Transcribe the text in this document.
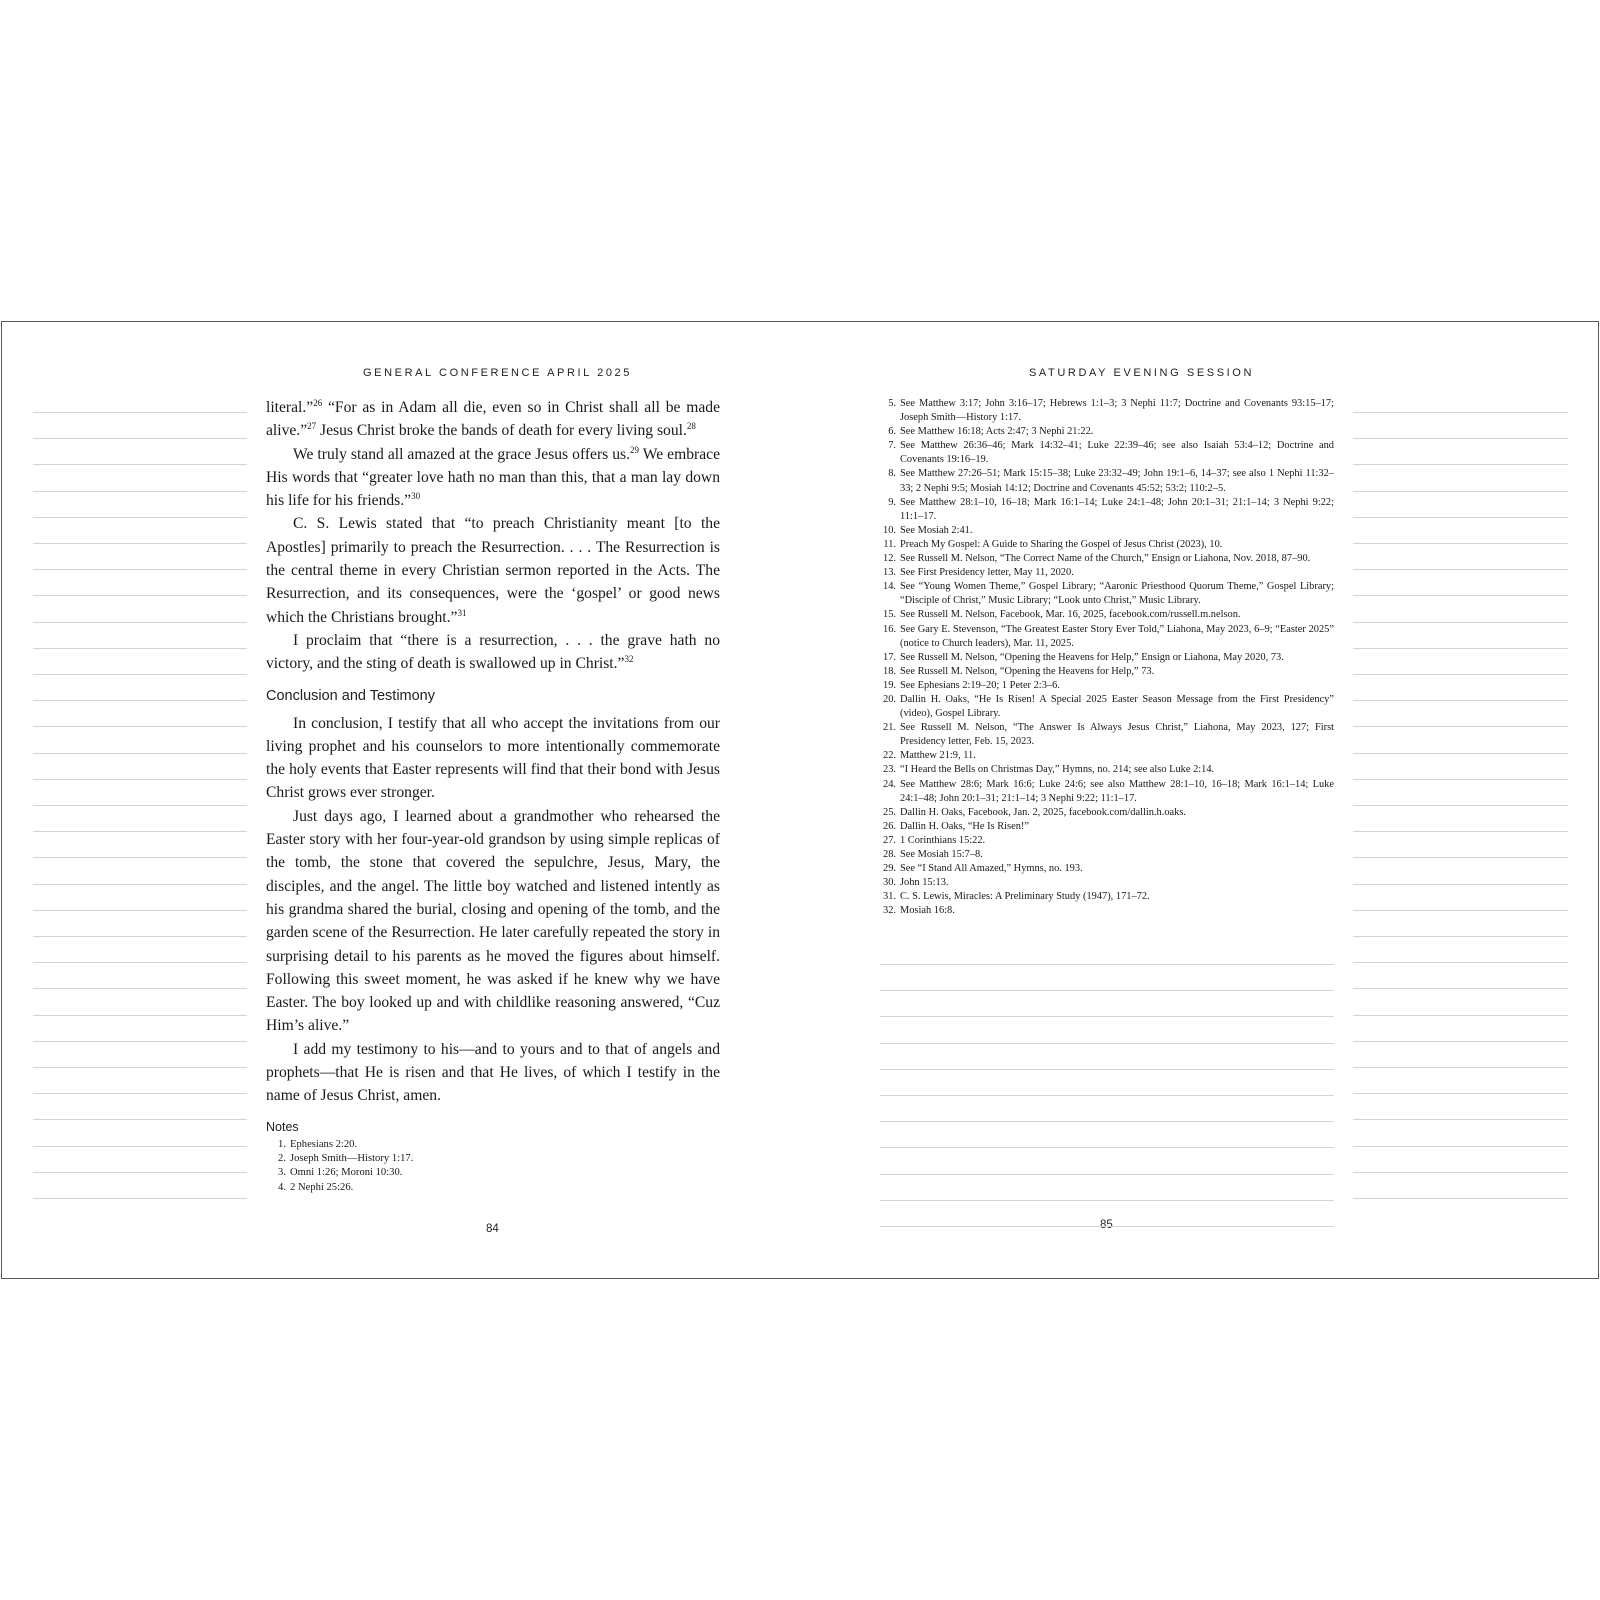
GENERAL CONFERENCE APRIL 2025	SATURDAY EVENING SESSION

literal.”$^{26}$ “For as in Adam all die, even so in Christ shall all be made alive.”$^{27}$ Jesus Christ broke the bands of death for every living soul.$^{28}$

We truly stand all amazed at the grace Jesus offers us.$^{29}$ We embrace His words that “greater love hath no man than this, that a man lay down his life for his friends.”$^{30}$

C. S. Lewis stated that “to preach Christianity meant [to the Apostles] primarily to preach the Resurrection. . . . The Resurrection is the central theme in every Christian sermon reported in the Acts. The Resurrection, and its consequences, were the ‘gospel’ or good news which the Christians brought.”$^{31}$

I proclaim that “there is a resurrection, . . . the grave hath no victory, and the sting of death is swallowed up in Christ.”$^{32}$

Conclusion and Testimony

In conclusion, I testify that all who accept the invitations from our living prophet and his counselors to more intentionally commemorate the holy events that Easter represents will find that their bond with Jesus Christ grows ever stronger.

Just days ago, I learned about a grandmother who rehearsed the Easter story with her four-year-old grandson by using simple replicas of the tomb, the stone that covered the sepulchre, Jesus, Mary, the disciples, and the angel. The little boy watched and listened intently as his grandma shared the burial, closing and opening of the tomb, and the garden scene of the Resurrection. He later carefully repeated the story in surprising detail to his parents as he moved the figures about himself. Following this sweet moment, he was asked if he knew why we have Easter. The boy looked up and with childlike reasoning answered, “Cuz Him’s alive.”

I add my testimony to his—and to yours and to that of angels and prophets—that He is risen and that He lives, of which I testify in the name of Jesus Christ, amen.

Notes
1. Ephesians 2:20.
2. Joseph Smith—History 1:17.
3. Omni 1:26; Moroni 10:30.
4. 2 Nephi 25:26.
5. See Matthew 3:17; John 3:16–17; Hebrews 1:1–3; 3 Nephi 11:7; Doctrine and Covenants 93:15–17; Joseph Smith—History 1:17.
6. See Matthew 16:18; Acts 2:47; 3 Nephi 21:22.
7. See Matthew 26:36–46; Mark 14:32–41; Luke 22:39–46; see also Isaiah 53:4–12; Doctrine and Covenants 19:16–19.
8. See Matthew 27:26–51; Mark 15:15–38; Luke 23:32–49; John 19:1–6, 14–37; see also 1 Nephi 11:32–33; 2 Nephi 9:5; Mosiah 14:12; Doctrine and Covenants 45:52; 53:2; 110:2–5.
9. See Matthew 28:1–10, 16–18; Mark 16:1–14; Luke 24:1–48; John 20:1–31; 21:1–14; 3 Nephi 9:22; 11:1–17.
10. See Mosiah 2:41.
11. Preach My Gospel: A Guide to Sharing the Gospel of Jesus Christ (2023), 10.
12. See Russell M. Nelson, “The Correct Name of the Church,” Ensign or Liahona, Nov. 2018, 87–90.
13. See First Presidency letter, May 11, 2020.
14. See “Young Women Theme,” Gospel Library; “Aaronic Priesthood Quorum Theme,” Gospel Library; “Disciple of Christ,” Music Library; “Look unto Christ,” Music Library.
15. See Russell M. Nelson, Facebook, Mar. 16, 2025, facebook.com/russell.m.nelson.
16. See Gary E. Stevenson, “The Greatest Easter Story Ever Told,” Liahona, May 2023, 6–9; “Easter 2025” (notice to Church leaders), Mar. 11, 2025.
17. See Russell M. Nelson, “Opening the Heavens for Help,” Ensign or Liahona, May 2020, 73.
18. See Russell M. Nelson, “Opening the Heavens for Help,” 73.
19. See Ephesians 2:19–20; 1 Peter 2:3–6.
20. Dallin H. Oaks, “He Is Risen! A Special 2025 Easter Season Message from the First Presidency” (video), Gospel Library.
21. See Russell M. Nelson, “The Answer Is Always Jesus Christ,” Liahona, May 2023, 127; First Presidency letter, Feb. 15, 2023.
22. Matthew 21:9, 11.
23. “I Heard the Bells on Christmas Day,” Hymns, no. 214; see also Luke 2:14.
24. See Matthew 28:6; Mark 16:6; Luke 24:6; see also Matthew 28:1–10, 16–18; Mark 16:1–14; Luke 24:1–48; John 20:1–31; 21:1–14; 3 Nephi 9:22; 11:1–17.
25. Dallin H. Oaks, Facebook, Jan. 2, 2025, facebook.com/dallin.h.oaks.
26. Dallin H. Oaks, “He Is Risen!”
27. 1 Corinthians 15:22.
28. See Mosiah 15:7–8.
29. See “I Stand All Amazed,” Hymns, no. 193.
30. John 15:13.
31. C. S. Lewis, Miracles: A Preliminary Study (1947), 171–72.
32. Mosiah 16:8.
84	85
